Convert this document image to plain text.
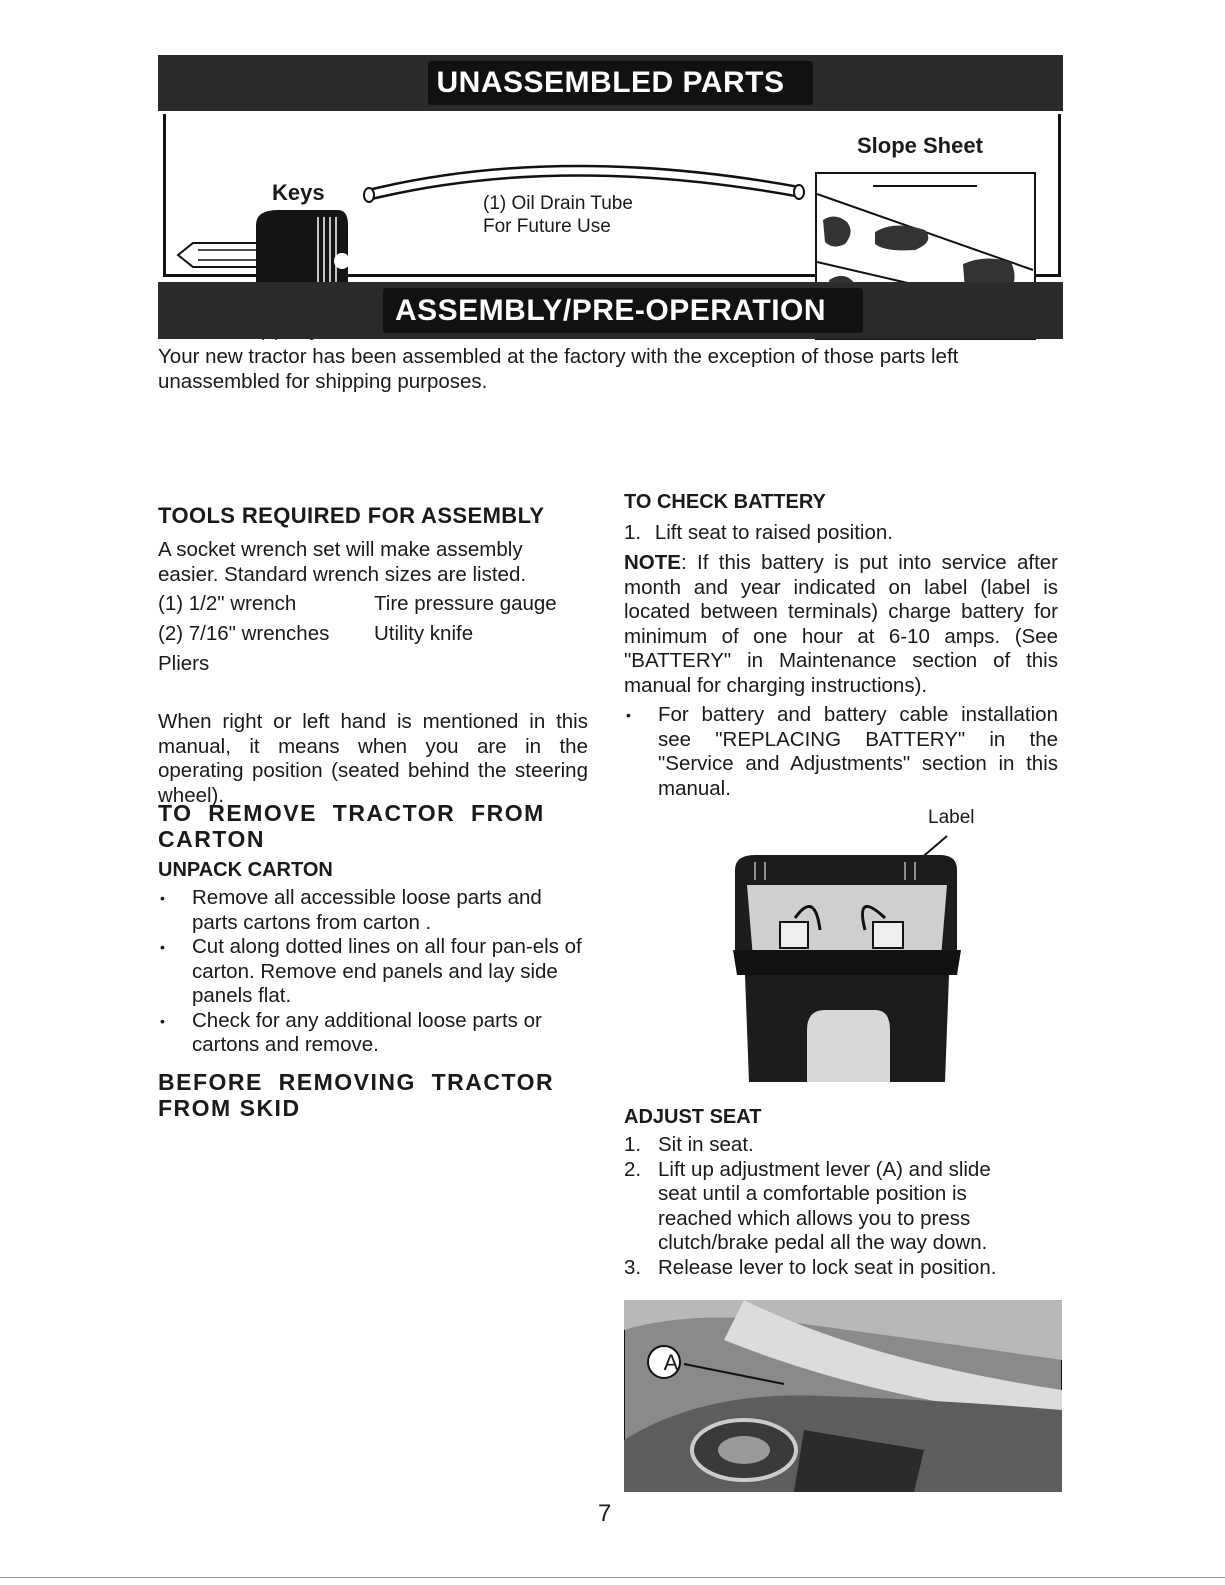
UNASSEMBLED PARTS
Keys	(1) Oil Drain Tube
For Future Use
Slope Sheet
ASSEMBLY/PRE-OPERATION
Your new tractor has been assembled at the factory with the exception of those parts left unassembled for shipping purposes.
TOOLS REQUIRED FOR ASSEMBLY
A socket wrench set will make assembly easier. Standard wrench sizes are listed.
(1) 1/2" wrench	Tire pressure gauge
(2) 7/16" wrenches Utility knife
Pliers
When right or left hand is mentioned in this manual, it means when you are in the operating position (seated behind the steering wheel).
TO  REMOVE  TRACTOR  FROM
CARTON
UNPACK CARTON
• Remove all accessible loose parts and parts cartons from carton .
• Cut along dotted lines on all four pan-els of carton. Remove end panels and lay side panels flat.
• Check for any additional loose parts or cartons and remove.
BEFORE  REMOVING  TRACTOR
FROM SKID
TO CHECK BATTERY
1. Lift seat to raised position.
NOTE: If this battery is put into service after month and year indicated on label (label is located between terminals) charge battery for minimum of one hour at 6-10 amps. (See "BATTERY" in Maintenance section of this manual for charging instructions).
• For battery and battery cable installation see "REPLACING BATTERY" in the "Service and Adjustments" section in this manual.
Label
ADJUST SEAT
1. Sit in seat.
2. Lift up adjustment lever (A) and slide seat until a comfortable position is reached which allows you to press clutch/brake pedal all the way down.
3. Release lever to lock seat in position.
A
7
